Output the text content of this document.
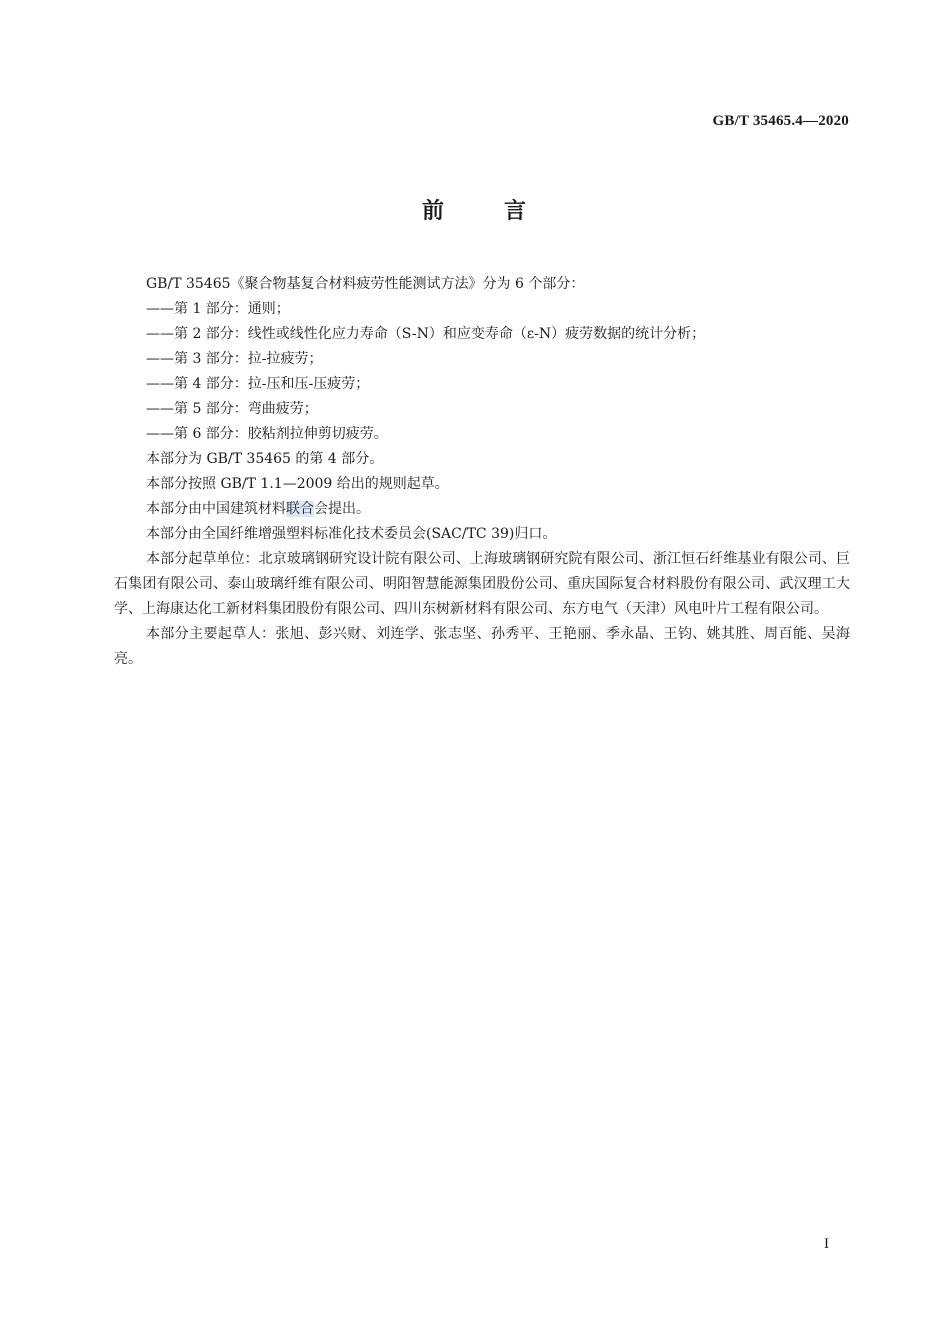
GB/T 35465.4—2020
前	言

GB/T 35465《聚合物基复合材料疲劳性能测试方法》分为 6 个部分：

——第 1 部分：通则；

——第 2 部分：线性或线性化应力寿命（S-N）和应变寿命（ε-N）疲劳数据的统计分析；

——第 3 部分：拉-拉疲劳；

——第 4 部分：拉-压和压-压疲劳；

——第 5 部分：弯曲疲劳；

——第 6 部分：胶粘剂拉伸剪切疲劳。

本部分为 GB/T 35465 的第 4 部分。

本部分按照 GB/T 1.1—2009 给出的规则起草。

本部分由中国建筑材料联合会提出。

本部分由全国纤维增强塑料标准化技术委员会(SAC/TC 39)归口。

本部分起草单位：北京玻璃钢研究设计院有限公司、上海玻璃钢研究院有限公司、浙江恒石纤维基业有限公司、巨石集团有限公司、泰山玻璃纤维有限公司、明阳智慧能源集团股份公司、重庆国际复合材料股份有限公司、武汉理工大学、上海康达化工新材料集团股份有限公司、四川东树新材料有限公司、东方电气（天津）风电叶片工程有限公司。

本部分主要起草人：张旭、彭兴财、刘连学、张志坚、孙秀平、王艳丽、季永晶、王钧、姚其胜、周百能、吴海亮。

I
